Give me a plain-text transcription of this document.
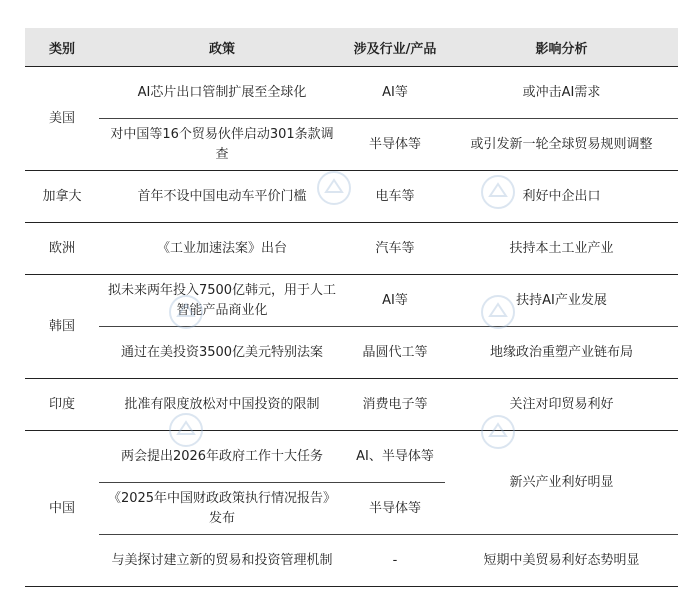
类别	政策	涉及行业/产品	影响分析
美国	AI芯片出口管制扩展至全球化	AI等	或冲击AI需求
	对中国等16个贸易伙伴启动301条款调查	半导体等	或引发新一轮全球贸易规则调整
加拿大	首年不设中国电动车平价门槛	电车等	利好中企出口
欧洲	《工业加速法案》出台	汽车等	扶持本土工业产业
韩国	拟未来两年投入7500亿韩元，用于人工智能产品商业化	AI等	扶持AI产业发展
	通过在美投资3500亿美元特别法案	晶圆代工等	地缘政治重塑产业链布局
印度	批准有限度放松对中国投资的限制	消费电子等	关注对印贸易利好
中国	两会提出2026年政府工作十大任务	AI、半导体等	新兴产业利好明显
	《2025年中国财政政策执行情况报告》发布	半导体等	
	与美探讨建立新的贸易和投资管理机制	-	短期中美贸易利好态势明显
